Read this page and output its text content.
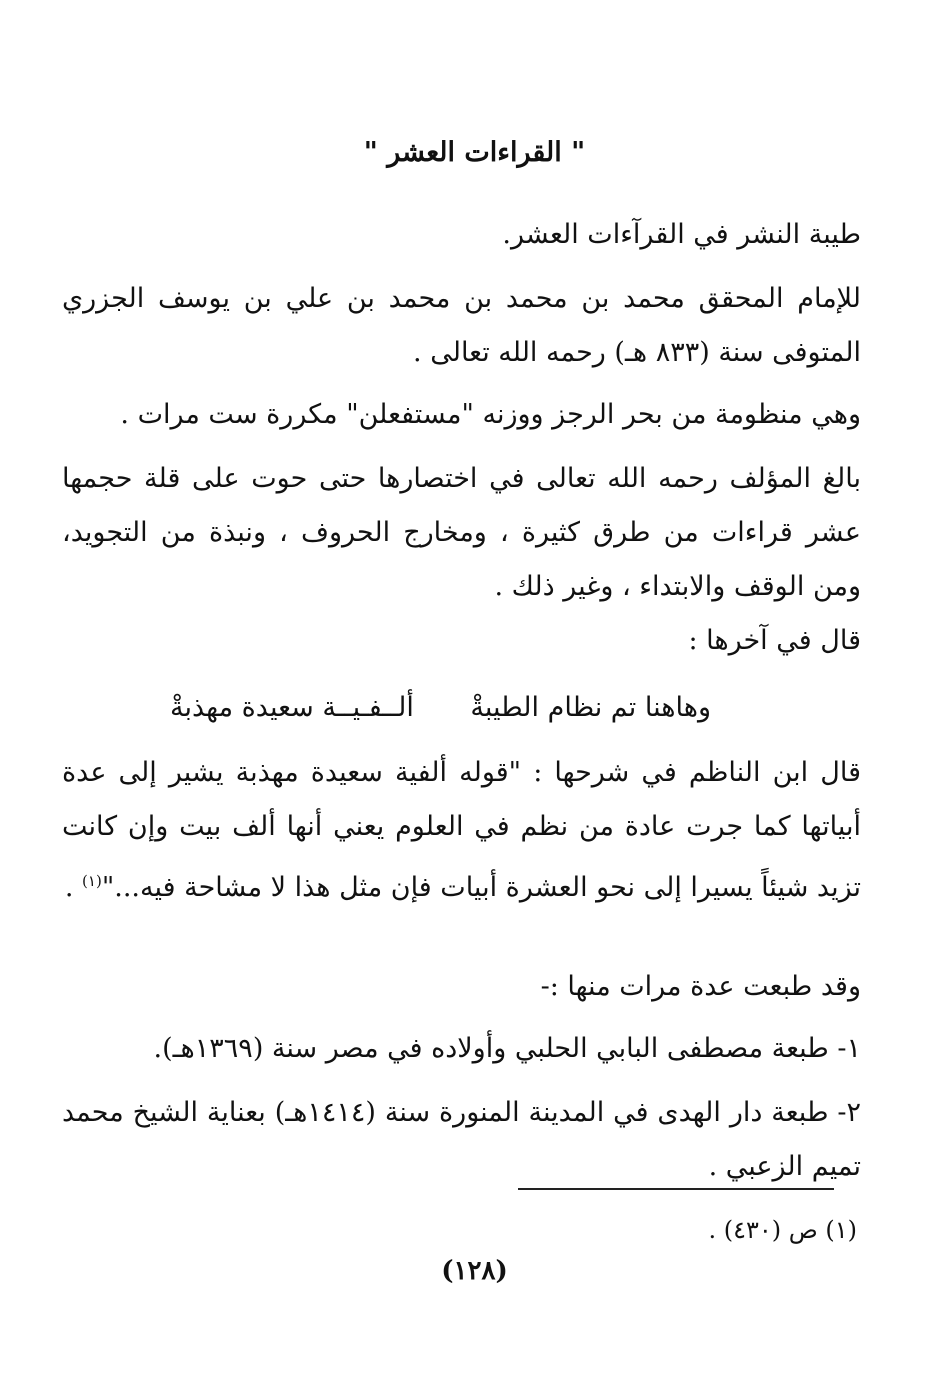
" القراءات العشر "
طيبة النشر في القرآءات العشر.
للإمام المحقق محمد بن محمد بن محمد بن علي بن يوسف الجزري المتوفى سنة (٨٣٣ هـ) رحمه الله تعالى .
وهي منظومة من بحر الرجز ووزنه "مستفعلن" مكررة ست مرات .
بالغ المؤلف رحمه الله تعالى في اختصارها حتى حوت على قلة حجمها عشر قراءات من طرق كثيرة ، ومخارج الحروف ، ونبذة من التجويد، ومن الوقف والابتداء ، وغير ذلك .
قال في آخرها :
وهاهنا تم نظام الطيبةْ
ألــفـيــة سعيدة مهذبةْ
قال ابن الناظم في شرحها : "قوله ألفية سعيدة مهذبة يشير إلى عدة أبياتها كما جرت عادة من نظم في العلوم يعني أنها ألف بيت وإن كانت تزيد شيئاً يسيرا إلى نحو العشرة أبيات فإن مثل هذا لا مشاحة فيه..."$^{(١)}$ .
وقد طبعت عدة مرات منها :-
١- طبعة مصطفى البابي الحلبي وأولاده في مصر سنة (١٣٦٩هـ).
٢- طبعة دار الهدى في المدينة المنورة سنة (١٤١٤هـ) بعناية الشيخ محمد تميم الزعبي .
(١) ص (٤٣٠) .
(١٢٨)
